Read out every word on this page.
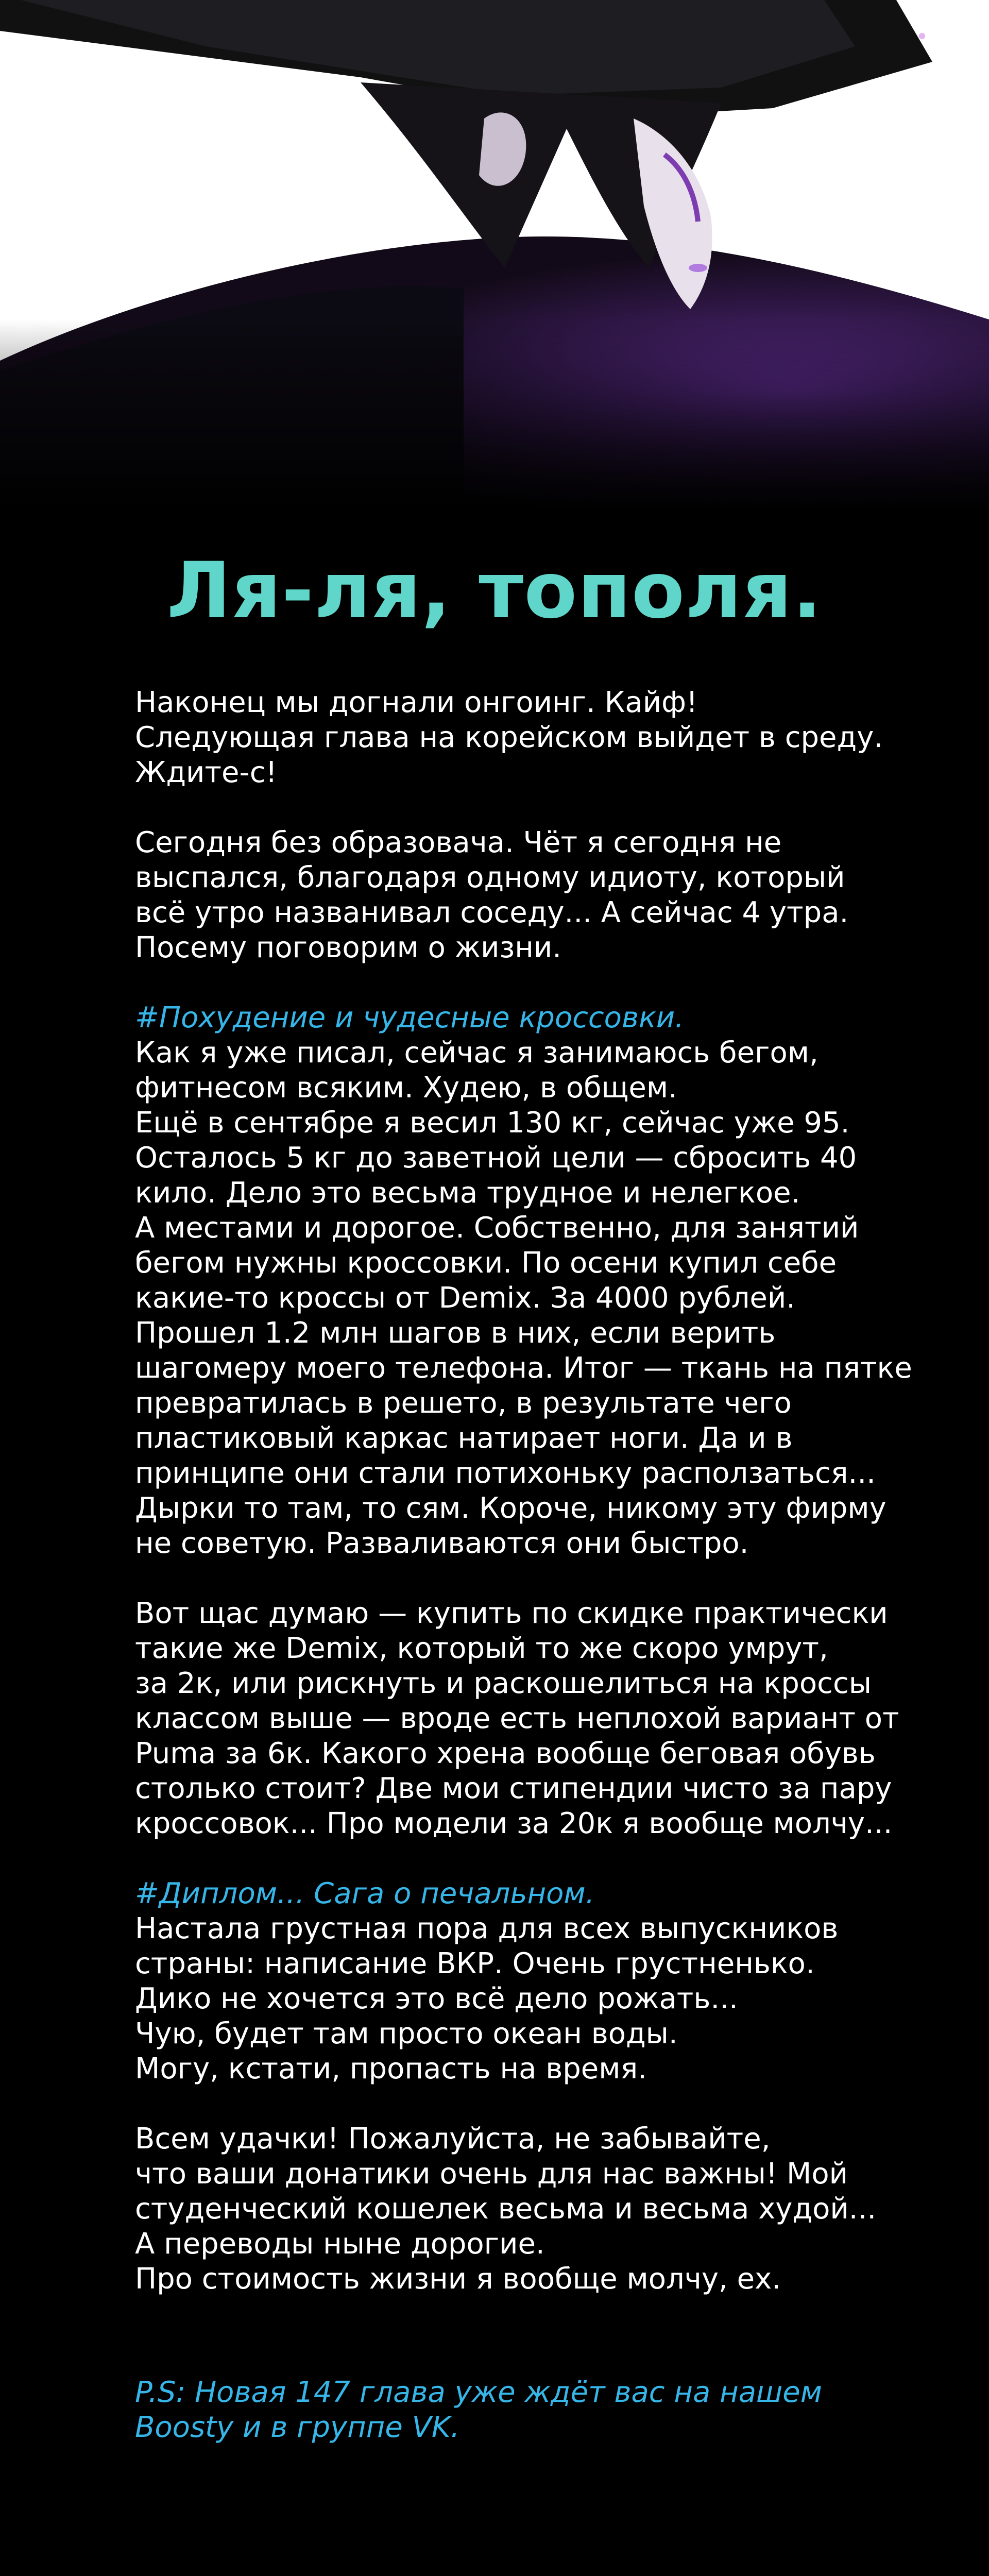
Ля-ля, тополя.

Наконец мы догнали онгоинг. Кайф!
Следующая глава на корейском выйдет в среду.
Ждите-с!

Сегодня без образовача. Чёт я сегодня не
выспался, благодаря одному идиоту, который
всё утро названивал соседу... А сейчас 4 утра.
Посему поговорим о жизни.

#Похудение и чудесные кроссовки.
Как я уже писал, сейчас я занимаюсь бегом,
фитнесом всяким. Худею, в общем.
Ещё в сентябре я весил 130 кг, сейчас уже 95.
Осталось 5 кг до заветной цели — сбросить 40
кило. Дело это весьма трудное и нелегкое.
А местами и дорогое. Собственно, для занятий
бегом нужны кроссовки. По осени купил себе
какие-то кроссы от Demix. За 4000 рублей.
Прошел 1.2 млн шагов в них, если верить
шагомеру моего телефона. Итог — ткань на пятке
превратилась в решето, в результате чего
пластиковый каркас натирает ноги. Да и в
принципе они стали потихоньку расползаться...
Дырки то там, то сям. Короче, никому эту фирму
не советую. Разваливаются они быстро.

Вот щас думаю — купить по скидке практически
такие же Demix, который то же скоро умрут,
за 2к, или рискнуть и раскошелиться на кроссы
классом выше — вроде есть неплохой вариант от
Puma за 6к. Какого хрена вообще беговая обувь
столько стоит? Две мои стипендии чисто за пару
кроссовок... Про модели за 20к я вообще молчу...

#Диплом... Сага о печальном.
Настала грустная пора для всех выпускников
страны: написание ВКР. Очень грустненько.
Дико не хочется это всё дело рожать...
Чую, будет там просто океан воды.
Могу, кстати, пропасть на время.

Всем удачки! Пожалуйста, не забывайте,
что ваши донатики очень для нас важны! Мой
студенческий кошелек весьма и весьма худой...
А переводы ныне дорогие.
Про стоимость жизни я вообще молчу, ех.

P.S: Новая 147 глава уже ждёт вас на нашем
Boosty и в группе VK.
